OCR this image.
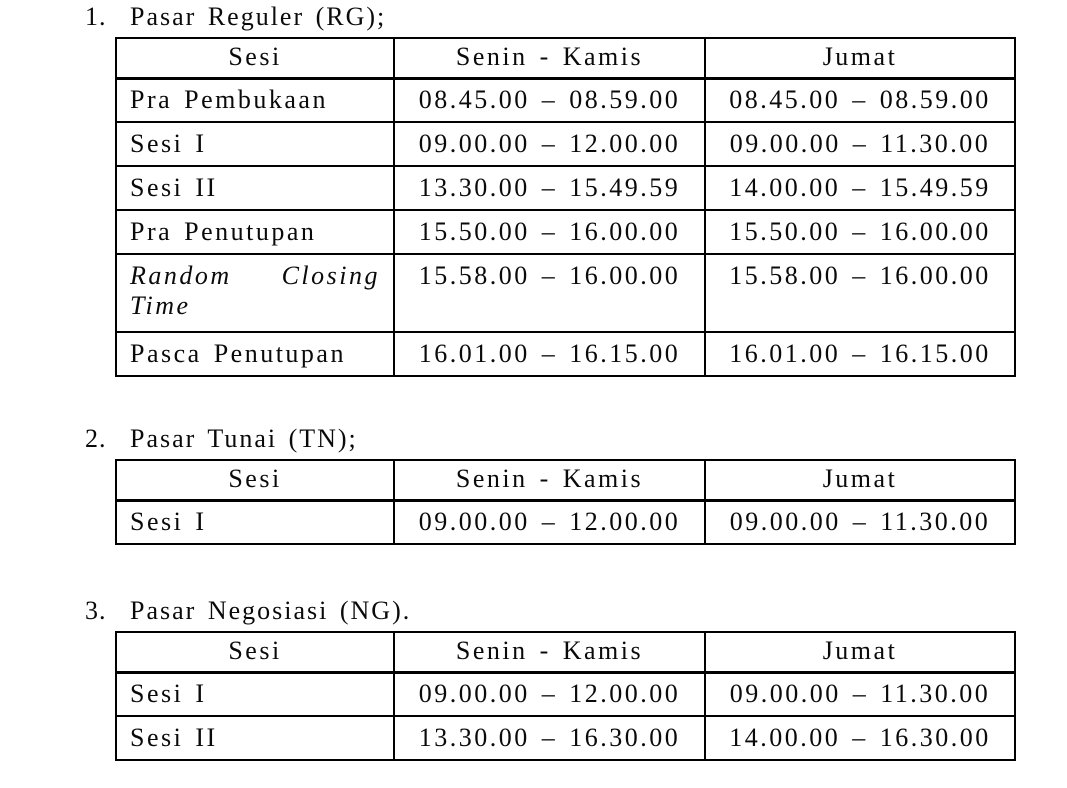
1. Pasar Reguler (RG);
Sesi	Senin - Kamis	Jumat
Pra Pembukaan	08.45.00 – 08.59.00	08.45.00 – 08.59.00
Sesi I	09.00.00 – 12.00.00	09.00.00 – 11.30.00
Sesi II	13.30.00 – 15.49.59	14.00.00 – 15.49.59
Pra Penutupan	15.50.00 – 16.00.00	15.50.00 – 16.00.00

Random Closing
Time	15.58.00 – 16.00.00	15.58.00 – 16.00.00
Pasca Penutupan	16.01.00 – 16.15.00	16.01.00 – 16.15.00
2. Pasar Tunai (TN);
Sesi	Senin - Kamis	Jumat
Sesi I	09.00.00 – 12.00.00	09.00.00 – 11.30.00
3. Pasar Negosiasi (NG).
Sesi	Senin - Kamis	Jumat
Sesi I	09.00.00 – 12.00.00	09.00.00 – 11.30.00
Sesi II	13.30.00 – 16.30.00	14.00.00 – 16.30.00
